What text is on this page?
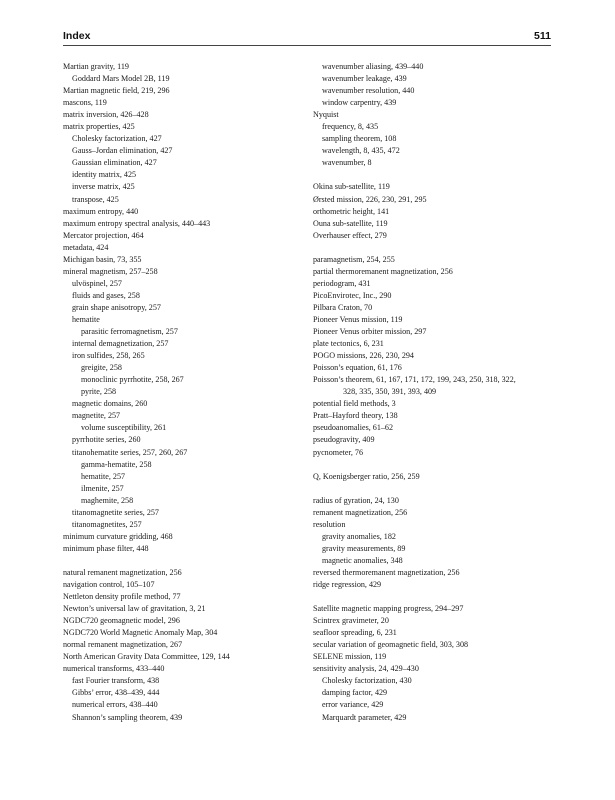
Index	511
Martian gravity, 119
Goddard Mars Model 2B, 119
Martian magnetic field, 219, 296
mascons, 119
matrix inversion, 426–428
matrix properties, 425
Cholesky factorization, 427
Gauss–Jordan elimination, 427
Gaussian elimination, 427
identity matrix, 425
inverse matrix, 425
transpose, 425
maximum entropy, 440
maximum entropy spectral analysis, 440–443
Mercator projection, 464
metadata, 424
Michigan basin, 73, 355
mineral magnetism, 257–258
ulvöspinel, 257
fluids and gases, 258
grain shape anisotropy, 257
hematite
parasitic ferromagnetism, 257
internal demagnetization, 257
iron sulfides, 258, 265
greigite, 258
monoclinic pyrrhotite, 258, 267
pyrite, 258
magnetic domains, 260
magnetite, 257
volume susceptibility, 261
pyrrhotite series, 260
titanohematite series, 257, 260, 267
gamma-hematite, 258
hematite, 257
ilmenite, 257
maghemite, 258
titanomagnetite series, 257
titanomagnetites, 257
minimum curvature gridding, 468
minimum phase filter, 448
natural remanent magnetization, 256
navigation control, 105–107
Nettleton density profile method, 77
Newton’s universal law of gravitation, 3, 21
NGDC720 geomagnetic model, 296
NGDC720 World Magnetic Anomaly Map, 304
normal remanent magnetization, 267
North American Gravity Data Committee, 129, 144
numerical transforms, 433–440
fast Fourier transform, 438
Gibbs’ error, 438–439, 444
numerical errors, 438–440
Shannon’s sampling theorem, 439
wavenumber aliasing, 439–440
wavenumber leakage, 439
wavenumber resolution, 440
window carpentry, 439
Nyquist
frequency, 8, 435
sampling theorem, 108
wavelength, 8, 435, 472
wavenumber, 8
Okina sub-satellite, 119
Ørsted mission, 226, 230, 291, 295
orthometric height, 141
Ouna sub-satellite, 119
Overhauser effect, 279
paramagnetism, 254, 255
partial thermoremanent magnetization, 256
periodogram, 431
PicoEnvirotec, Inc., 290
Pilbara Craton, 70
Pioneer Venus mission, 119
Pioneer Venus orbiter mission, 297
plate tectonics, 6, 231
POGO missions, 226, 230, 294
Poisson’s equation, 61, 176
Poisson’s theorem, 61, 167, 171, 172, 199, 243, 250, 318, 322,
328, 335, 350, 391, 393, 409
potential field methods, 3
Pratt–Hayford theory, 138
pseudoanomalies, 61–62
pseudogravity, 409
pycnometer, 76
Q, Koenigsberger ratio, 256, 259
radius of gyration, 24, 130
remanent magnetization, 256
resolution
gravity anomalies, 182
gravity measurements, 89
magnetic anomalies, 348
reversed thermoremanent magnetization, 256
ridge regression, 429
Satellite magnetic mapping progress, 294–297
Scintrex gravimeter, 20
seafloor spreading, 6, 231
secular variation of geomagnetic field, 303, 308
SELENE mission, 119
sensitivity analysis, 24, 429–430
Cholesky factorization, 430
damping factor, 429
error variance, 429
Marquardt parameter, 429
